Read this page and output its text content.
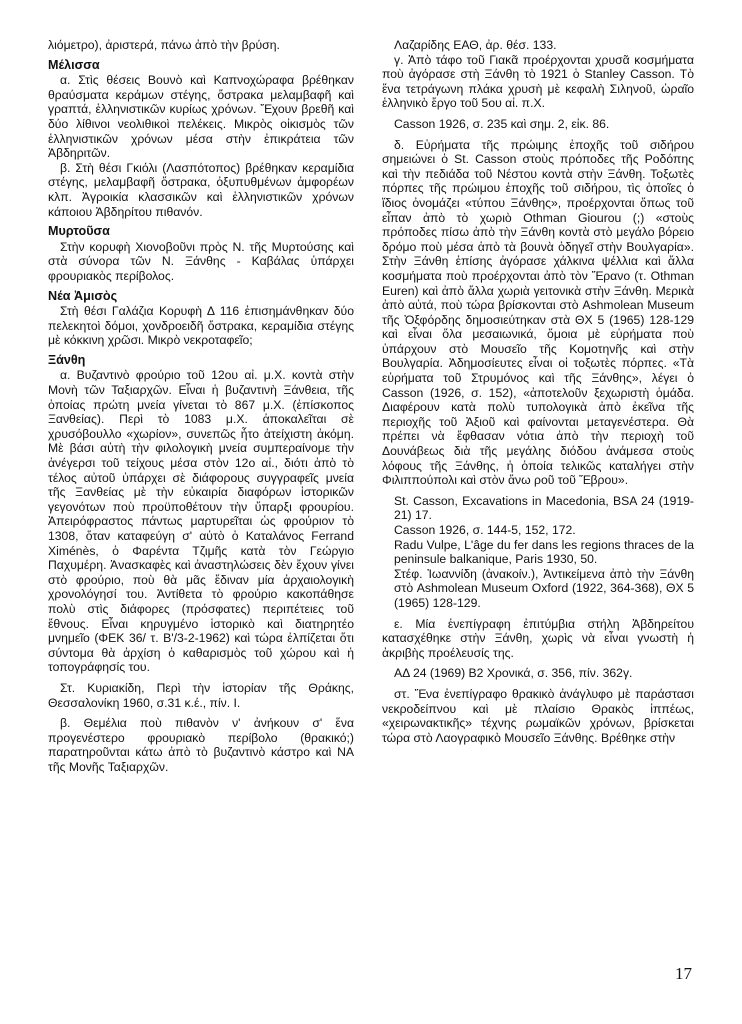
λιόμετρο), ἀριστερά, πάνω ἀπὸ τὴν βρύση.

Μέλισσα

α. Στὶς θέσεις Βουνὸ καὶ Καπνοχώραφα βρέθηκαν θραύσματα κεράμων στέγης, ὄστρακα μελαμβαφῆ καὶ γραπτά, ἑλληνιστικῶν κυρίως χρόνων. Ἔχουν βρεθῆ καὶ δύο λίθινοι νεολιθικοὶ πελέκεις. Μικρὸς οἰκισμὸς τῶν ἑλληνιστικῶν χρόνων μέσα στὴν ἐπικράτεια τῶν Ἀβδηριτῶν.

β. Στὴ θέσι Γκιόλι (Λασπότοπος) βρέθηκαν κεραμίδια στέγης, μελαμβαφῆ ὄστρακα, ὀξυπυθμένων ἀμφορέων κλπ. Ἀγροικία κλασσικῶν καὶ ἑλληνιστικῶν χρόνων κάποιου Ἀβδηρίτου πιθανόν.

Μυρτοῦσα

Στὴν κορυφὴ Χιονοβοῦνι πρὸς Ν. τῆς Μυρτούσης καὶ στὰ σύνορα τῶν Ν. Ξάνθης - Καβάλας ὑπάρχει φρουριακὸς περίβολος.

Νέα Ἀμισὸς

Στὴ θέσι Γαλάζια Κορυφὴ Δ 116 ἐπισημάνθηκαν δύο πελεκητοὶ δόμοι, χονδροειδῆ ὄστρακα, κεραμίδια στέγης μὲ κόκκινη χρῶσι. Μικρὸ νεκροταφεῖο;

Ξάνθη

α. Βυζαντινὸ φρούριο τοῦ 12ου αἰ. μ.Χ. κοντὰ στὴν Μονὴ τῶν Ταξιαρχῶν. Εἶναι ἡ βυζαντινὴ Ξάνθεια, τῆς ὁποίας πρώτη μνεία γίνεται τὸ 867 μ.Χ. (ἐπίσκοπος Ξανθείας). Περὶ τὸ 1083 μ.Χ. ἀποκαλεῖται σὲ χρυσόβουλλο «χωρίον», συνεπῶς ἦτο ἀτείχιστη ἀκόμη. Μὲ βάσι αὐτὴ τὴν φιλολογικὴ μνεία συμπεραίνομε τὴν ἀνέγερσι τοῦ τείχους μέσα στὸν 12ο αἰ., διότι ἀπὸ τὸ τέλος αὐτοῦ ὑπάρχει σὲ διάφορους συγγραφεῖς μνεία τῆς Ξανθείας μὲ τὴν εὐκαιρία διαφόρων ἱστορικῶν γεγονότων ποὺ προϋποθέτουν τὴν ὕπαρξι φρουρίου. Ἀπειρόφραστος πάντως μαρτυρεῖται ὡς φρούριον τὸ 1308, ὅταν καταφεύγη σ' αὐτὸ ὁ Καταλάνος Ferrand Ximénès, ὁ Φαρέντα Τζιμῆς κατὰ τὸν Γεώργιο Παχυμέρη. Ἀνασκαφὲς καὶ ἀναστηλώσεις δὲν ἔχουν γίνει στὸ φρούριο, ποὺ θὰ μᾶς ἔδιναν μία ἀρχαιολογικὴ χρονολόγησί του. Ἀντίθετα τὸ φρούριο κακοπάθησε πολὺ στὶς διάφορες (πρόσφατες) περιπέτειες τοῦ ἔθνους. Εἶναι κηρυγμένο ἱστορικὸ καὶ διατηρητέο μνημεῖο (ΦΕΚ 36/ τ. Β'/3-2-1962) καὶ τώρα ἐλπίζεται ὅτι σύντομα θὰ ἀρχίση ὁ καθαρισμὸς τοῦ χώρου καὶ ἡ τοπογράφησίς του.

Στ. Κυριακίδη, Περὶ τὴν ἱστορίαν τῆς Θράκης, Θεσσαλονίκη 1960, σ.31 κ.έ., πίν. Ι.

β. Θεμέλια ποὺ πιθανὸν ν' ἀνήκουν σ' ἕνα προγενέστερο φρουριακὸ περίβολο (θρακικό;) παρατηροῦνται κάτω ἀπὸ τὸ βυζαντινὸ κάστρο καὶ ΝΑ τῆς Μονῆς Ταξιαρχῶν.

Λαζαρίδης ΕΑΘ, ἀρ. θέσ. 133.

γ. Ἀπὸ τάφο τοῦ Γιακᾶ προέρχονται χρυσᾶ κοσμήματα ποὺ ἀγόρασε στὴ Ξάνθη τὸ 1921 ὁ Stanley Casson. Τὸ ἕνα τετράγωνη πλάκα χρυσὴ μὲ κεφαλὴ Σιληνοῦ, ὡραῖο ἑλληνικὸ ἔργο τοῦ 5ου αἰ. π.Χ.

Casson 1926, σ. 235 καὶ σημ. 2, εἰκ. 86.

δ. Εὑρήματα τῆς πρώιμης ἐποχῆς τοῦ σιδήρου σημειώνει ὁ St. Casson στοὺς πρόποδες τῆς Ροδόπης καὶ τὴν πεδιάδα τοῦ Νέστου κοντὰ στὴν Ξάνθη. Τοξωτὲς πόρπες τῆς πρώιμου ἐποχῆς τοῦ σιδήρου, τὶς ὁποῖες ὁ ἴδιος ὀνομάζει «τύπου Ξάνθης», προέρχονται ὅπως τοῦ εἶπαν ἀπὸ τὸ χωριὸ Othman Giourou (;) «στοὺς πρόποδες πίσω ἀπὸ τὴν Ξάνθη κοντὰ στὸ μεγάλο βόρειο δρόμο ποὺ μέσα ἀπὸ τὰ βουνὰ ὁδηγεῖ στὴν Βουλγαρία». Στὴν Ξάνθη ἐπίσης ἀγόρασε χάλκινα ψέλλια καὶ ἄλλα κοσμήματα ποὺ προέρχονται ἀπὸ τὸν Ἔρανο (τ. Othman Euren) καὶ ἀπὸ ἄλλα χωριὰ γειτονικὰ στὴν Ξάνθη. Μερικὰ ἀπὸ αὐτά, ποὺ τώρα βρίσκονται στὸ Ashmolean Museum τῆς Ὀξφόρδης δημοσιεύτηκαν στὰ ΘΧ 5 (1965) 128-129 καὶ εἶναι ὅλα μεσαιωνικά, ὅμοια μὲ εὑρήματα ποὺ ὑπάρχουν στὸ Μουσεῖο τῆς Κομοτηνῆς καὶ στὴν Βουλγαρία. Ἀδημοσίευτες εἶναι οἱ τοξωτὲς πόρπες. «Τὰ εὑρήματα τοῦ Στρυμόνος καὶ τῆς Ξάνθης», λέγει ὁ Casson (1926, σ. 152), «ἀποτελοῦν ξεχωριστὴ ὁμάδα. Διαφέρουν κατὰ πολὺ τυπολογικὰ ἀπὸ ἐκεῖνα τῆς περιοχῆς τοῦ Ἀξιοῦ καὶ φαίνονται μεταγενέστερα. Θὰ πρέπει νὰ ἔφθασαν νότια ἀπὸ τὴν περιοχὴ τοῦ Δουνάβεως διὰ τῆς μεγάλης διόδου ἀνάμεσα στοὺς λόφους τῆς Ξάνθης, ἡ ὁποία τελικῶς καταλήγει στὴν Φιλιππούπολι καὶ στὸν ἄνω ροῦ τοῦ Ἕβρου».

St. Casson, Excavations in Macedonia, BSA 24 (1919-21) 17.

Casson 1926, σ. 144-5, 152, 172.

Radu Vulpe, L'âge du fer dans les regions thraces de la peninsule balkanique, Paris 1930, 50.

Στέφ. Ἰωαννίδη (ἀνακοίν.), Ἀντικείμενα ἀπὸ τὴν Ξάνθη στὸ Ashmolean Museum Oxford (1922, 364-368), ΘΧ 5 (1965) 128-129.

ε. Μία ἐνεπίγραφη ἐπιτύμβια στήλη Ἀβδηρείτου κατασχέθηκε στὴν Ξάνθη, χωρὶς νὰ εἶναι γνωστὴ ἡ ἀκριβὴς προέλευσίς της.

ΑΔ 24 (1969) Β2 Χρονικά, σ. 356, πίν. 362γ.

στ. Ἕνα ἐνεπίγραφο θρακικὸ ἀνάγλυφο μὲ παράστασι νεκροδείπνου καὶ μὲ πλαίσιο Θρακὸς ἱππέως, «χειρωνακτικῆς» τέχνης ρωμαϊκῶν χρόνων, βρίσκεται τώρα στὸ Λαογραφικὸ Μουσεῖο Ξάνθης. Βρέθηκε στὴν

17
